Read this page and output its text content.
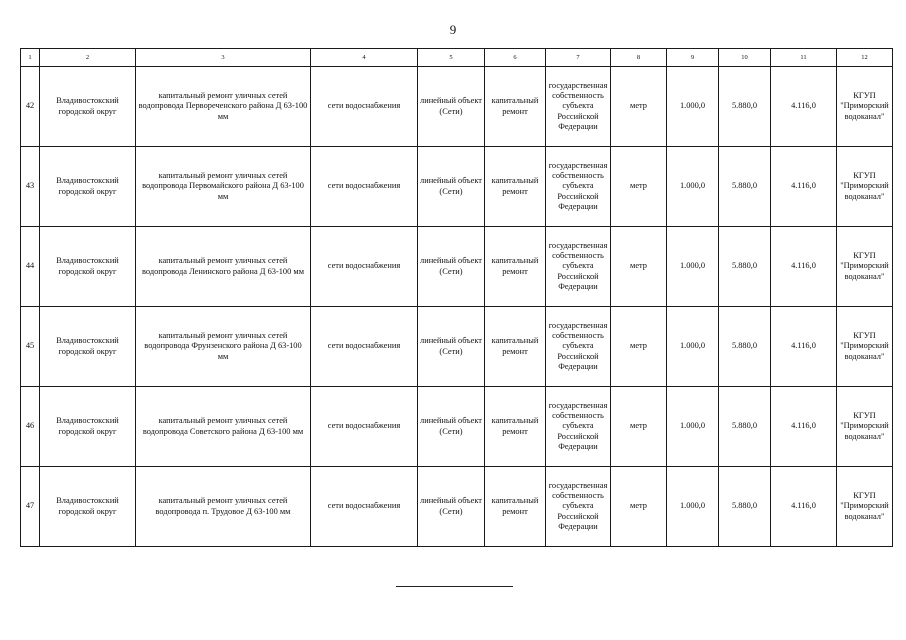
9
1	2	3	4	5	6	7	8	9	10	11	12
42	Владивостокский городской округ	капитальный ремонт уличных сетей водопровода Первореченского района Д 63-100 мм	сети водоснабжения	линейный объект (Сети)	капитальный ремонт	государственная собственность субъекта Российской Федерации	метр	1.000,0	5.880,0	4.116,0	КГУП "Приморский водоканал"
43	Владивостокский городской округ	капитальный ремонт уличных сетей водопровода Первомайского района Д 63-100 мм	сети водоснабжения	линейный объект (Сети)	капитальный ремонт	государственная собственность субъекта Российской Федерации	метр	1.000,0	5.880,0	4.116,0	КГУП "Приморский водоканал"
44	Владивостокский городской округ	капитальный ремонт уличных сетей водопровода Ленинского района Д 63-100 мм	сети водоснабжения	линейный объект (Сети)	капитальный ремонт	государственная собственность субъекта Российской Федерации	метр	1.000,0	5.880,0	4.116,0	КГУП "Приморский водоканал"
45	Владивостокский городской округ	капитальный ремонт уличных сетей водопровода Фрунзенского района Д 63-100 мм	сети водоснабжения	линейный объект (Сети)	капитальный ремонт	государственная собственность субъекта Российской Федерации	метр	1.000,0	5.880,0	4.116,0	КГУП "Приморский водоканал"
46	Владивостокский городской округ	капитальный ремонт уличных сетей водопровода Советского района Д 63-100 мм	сети водоснабжения	линейный объект (Сети)	капитальный ремонт	государственная собственность субъекта Российской Федерации	метр	1.000,0	5.880,0	4.116,0	КГУП "Приморский водоканал"
47	Владивостокский городской округ	капитальный ремонт уличных сетей водопровода п. Трудовое Д 63-100 мм	сети водоснабжения	линейный объект (Сети)	капитальный ремонт	государственная собственность субъекта Российской Федерации	метр	1.000,0	5.880,0	4.116,0	КГУП "Приморский водоканал"
